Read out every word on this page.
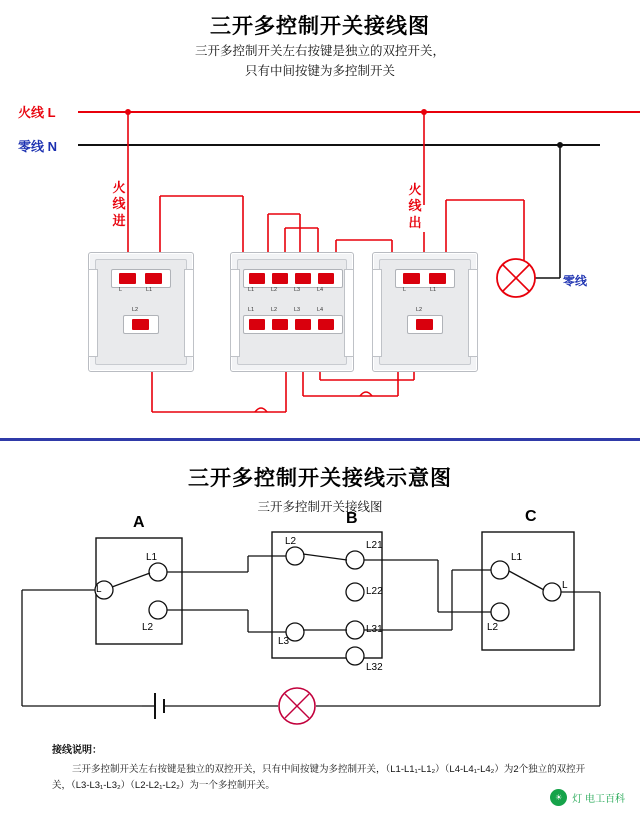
三开多控制开关接线图
三开多控制开关左右按键是独立的双控开关，
只有中间按键为多控制开关
火线 L
零线 N
火
线
进
火
线
出
零线
L	L1
L2
L1	L2	L3	L4
L1	L2	L3	L4
L	L1
L2
三开多控制开关接线示意图
三开多控制开关接线图
A	B	C
L
L1
L2
L2
L3
L21
L22
L31
L32
L1
L
L2
接线说明：
三开多控制开关左右按键是独立的双控开关，只有中间按键为多控制开关，（L1-L1₁-L1₂）（L4-L4₁-L4₂）为2个独立的双控开关，（L3-L3₁-L3₂）（L2-L2₁-L2₂）为一个多控制开关。
☀ 灯 电工百科
